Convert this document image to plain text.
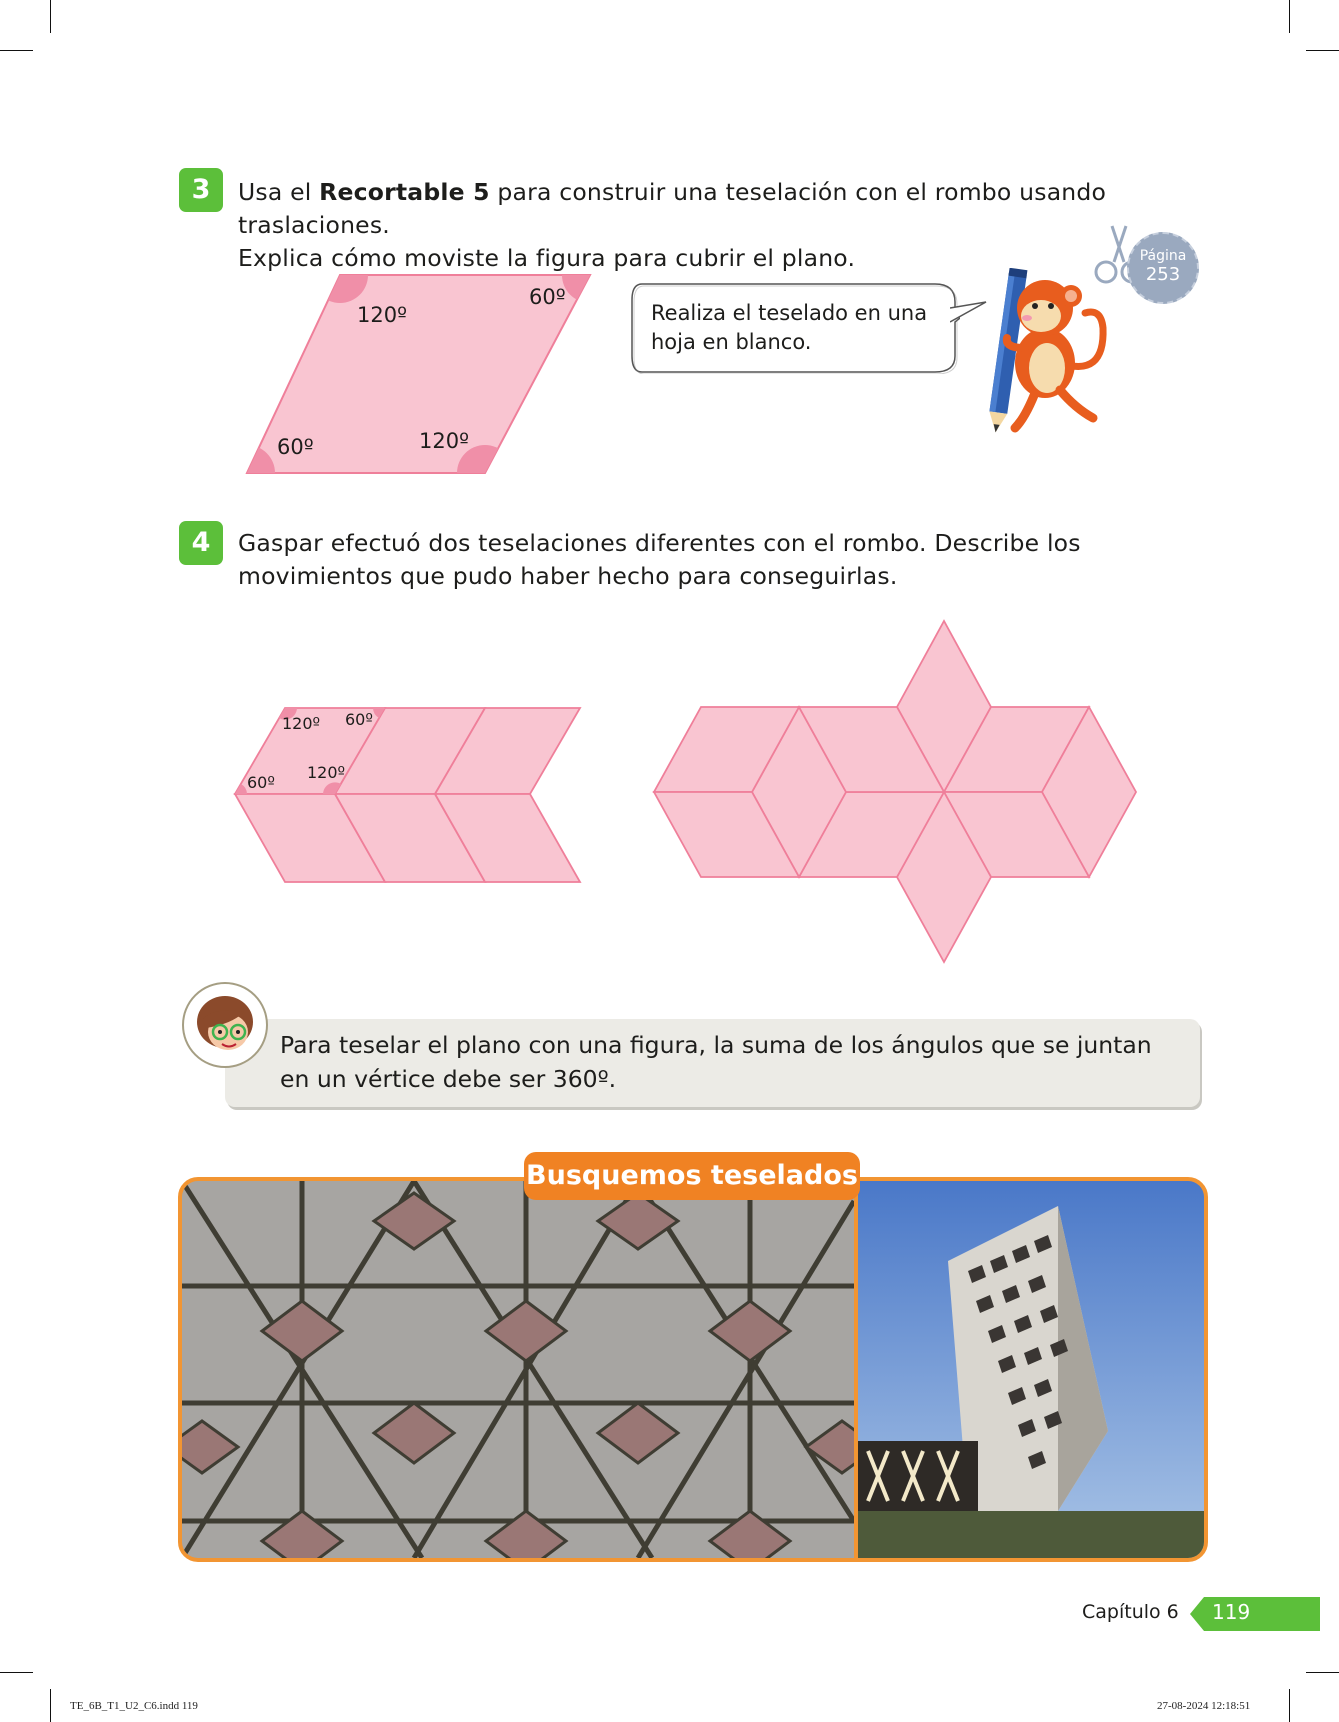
3	Usa el Recortable 5 para construir una teselación con el rombo usando traslaciones.
Explica cómo moviste la figura para cubrir el plano.
120º
60º
60º	120º
Realiza el teselado en una hoja en blanco.
Página
253
4	Gaspar efectuó dos teselaciones diferentes con el rombo. Describe los movimientos que pudo haber hecho para conseguirlas.
120º 60º
60º
120º
Para teselar el plano con una figura, la suma de los ángulos que se juntan en un vértice debe ser 360º.
Busquemos teselados
Capítulo 6 119
TE_6B_T1_U2_C6.indd 119	27-08-2024 12:18:51
